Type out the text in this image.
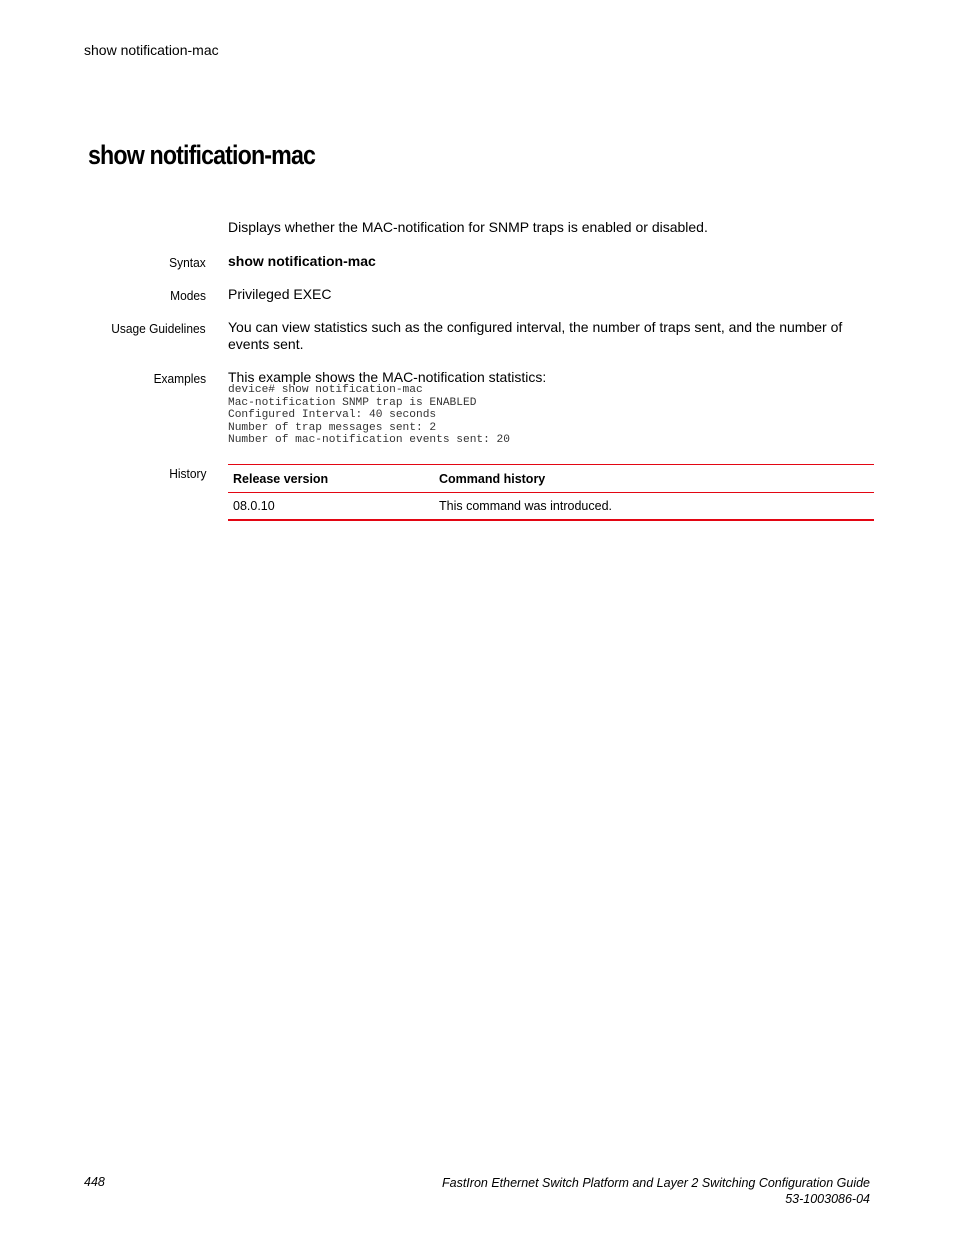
show notification-mac
show notification-mac
Displays whether the MAC-notification for SNMP traps is enabled or disabled.
Syntax show notification-mac
Modes Privileged EXEC
Usage Guidelines You can view statistics such as the configured interval, the number of traps sent, and the number of events sent.
Examples This example shows the MAC-notification statistics:
device# show notification-mac
Mac-notification SNMP trap is ENABLED
Configured Interval: 40 seconds
Number of trap messages sent: 2
Number of mac-notification events sent: 20
History Release version	Command history
08.0.10	This command was introduced.
448	FastIron Ethernet Switch Platform and Layer 2 Switching Configuration Guide
53-1003086-04
